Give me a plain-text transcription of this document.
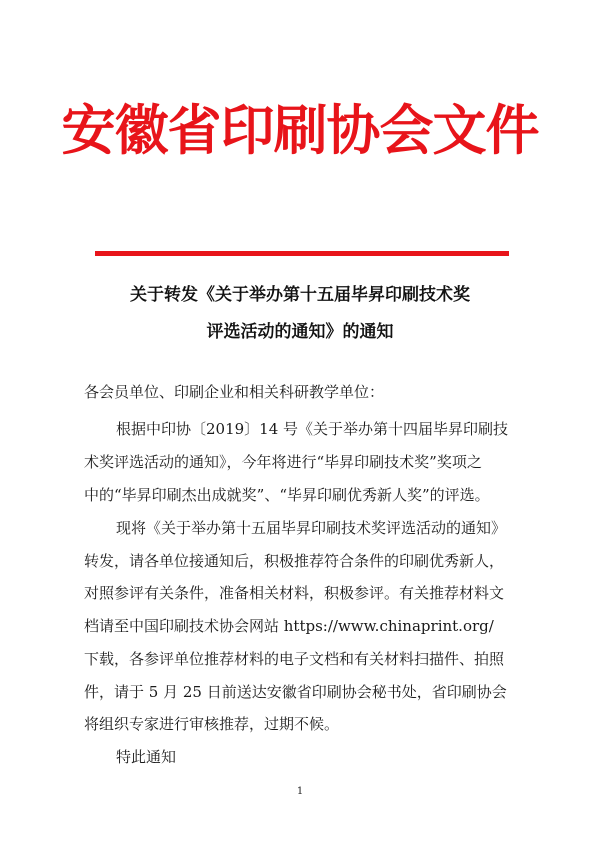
安徽省印刷协会文件
关于转发《关于举办第十五届毕昇印刷技术奖
评选活动的通知》的通知
各会员单位、印刷企业和相关科研教学单位：
根据中印协〔2019〕14 号《关于举办第十四届毕昇印刷技
术奖评选活动的通知》，今年将进行“毕昇印刷技术奖”奖项之
中的“毕昇印刷杰出成就奖”、“毕昇印刷优秀新人奖”的评选。
现将《关于举办第十五届毕昇印刷技术奖评选活动的通知》
转发，请各单位接通知后，积极推荐符合条件的印刷优秀新人，
对照参评有关条件，准备相关材料，积极参评。有关推荐材料文
档请至中国印刷技术协会网站 https://www.chinaprint.org/
下载，各参评单位推荐材料的电子文档和有关材料扫描件、拍照
件，请于 5 月 25 日前送达安徽省印刷协会秘书处，省印刷协会
将组织专家进行审核推荐，过期不候。
特此通知
1
